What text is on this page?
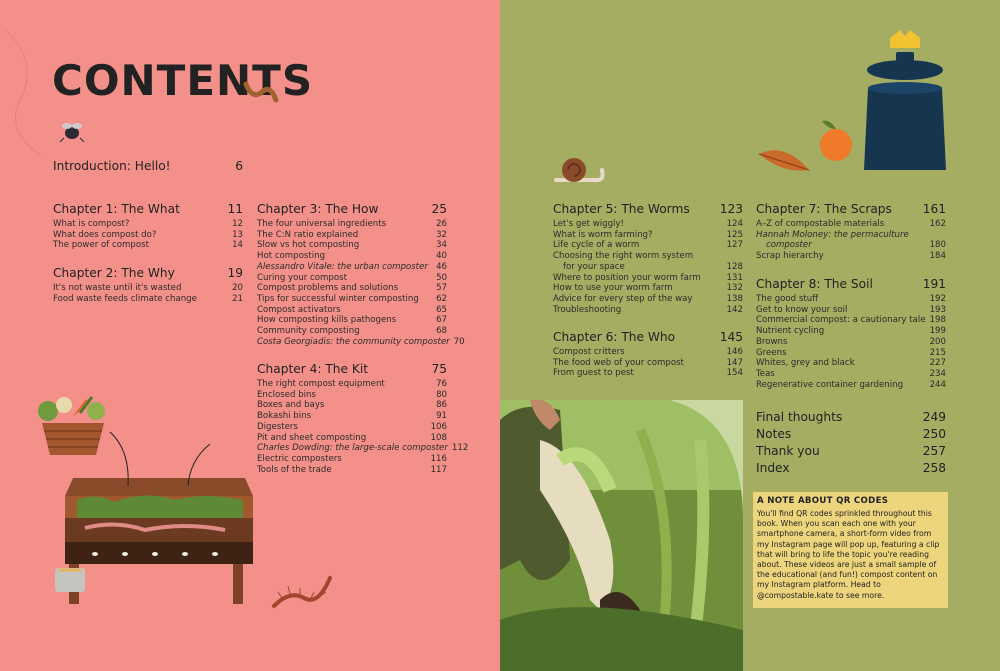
CONTENTS
Introduction: Hello!	6
Chapter 1: The What	11
What is compost?	12
What does compost do?	13
The power of compost	14
Chapter 2: The Why	19
It's not waste until it's wasted	20
Food waste feeds climate change	21
Chapter 3: The How	25
The four universal ingredients	26
The C:N ratio explained	32
Slow vs hot composting	34
Hot composting	40
Alessandro Vitale: the urban composter 46
Curing your compost	50
Compost problems and solutions	57
Tips for successful winter composting	62
Compost activators	65
How composting kills pathogens	67
Community composting	68
Costa Georgiadis: the community composter 70
Chapter 4: The Kit	75
The right compost equipment	76
Enclosed bins	80
Boxes and bays	86
Bokashi bins	91
Digesters	106
Pit and sheet composting	108
Charles Dowding: the large-scale composter 112
Electric composters	116
Tools of the trade	117
Chapter 5: The Worms 123
Let's get wiggly!	124
What is worm farming?	125
Life cycle of a worm	127
Choosing the right worm system
for your space	128
Where to position your worm farm	131
How to use your worm farm	132
Advice for every step of the way	138
Troubleshooting	142
Chapter 6: The Who	145
Compost critters	146
The food web of your compost	147
From guest to pest	154
Chapter 7: The Scraps	161
A–Z of compostable materials	162
Hannah Moloney: the permaculture
composter	180
Scrap hierarchy	184
Chapter 8: The Soil	191
The good stuff	192
Get to know your soil	193
Commercial compost: a cautionary tale 198
Nutrient cycling	199
Browns	200
Greens	215
Whites, grey and black	227
Teas	234
Regenerative container gardening	244
Final thoughts	249
Notes	250
Thank you	257
Index	258
A NOTE ABOUT QR CODES
You'll find QR codes sprinkled throughout this book. When you scan each one with your smartphone camera, a short-form video from my Instagram page will pop up, featuring a clip that will bring to life the topic you're reading about. These videos are just a small sample of the educational (and fun!) compost content on my Instagram platform. Head to @compostable.kate to see more.
